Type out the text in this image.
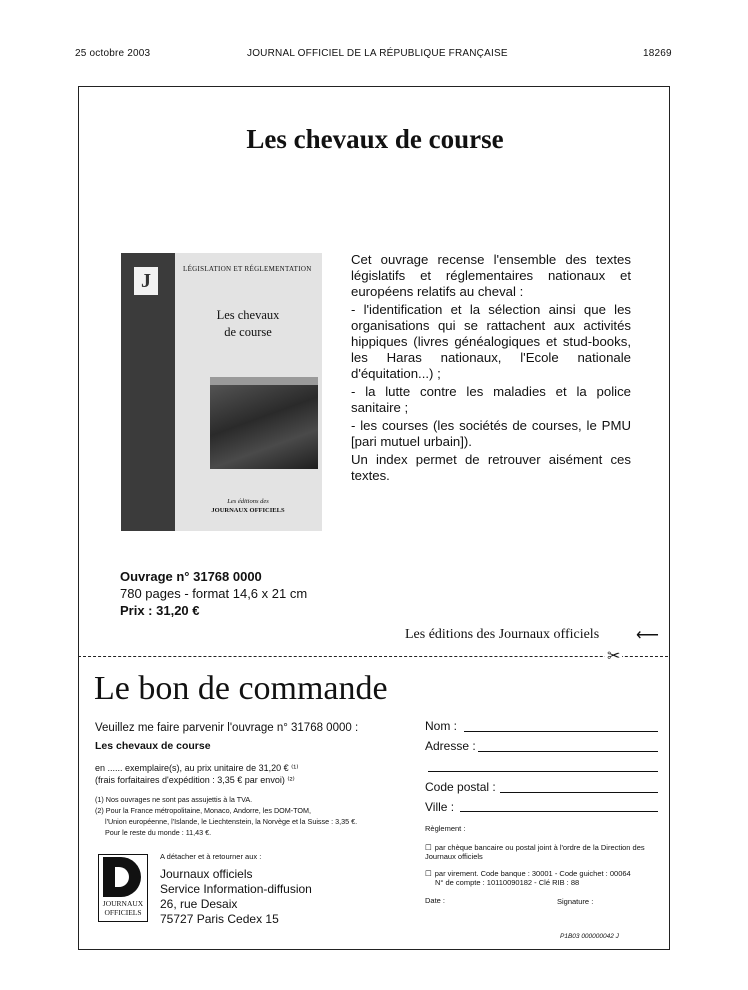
25 octobre 2003	JOURNAL OFFICIEL DE LA RÉPUBLIQUE FRANÇAISE	18269
Les chevaux de course
J
LÉGISLATION ET RÉGLEMENTATION
Les chevaux
de course
Les éditions des
JOURNAUX OFFICIELS

Cet ouvrage recense l'ensemble des textes législatifs et réglementaires nationaux et européens relatifs au cheval :

- l'identification et la sélection ainsi que les organisations qui se rattachent aux activités hippiques (livres généalogiques et stud-books, les Haras nationaux, l'Ecole nationale d'équitation...) ;

- la lutte contre les maladies et la police sanitaire ;

- les courses (les sociétés de courses, le PMU [pari mutuel urbain]).

Un index permet de retrouver aisément ces textes.

Ouvrage n° 31768 0000
780 pages - format 14,6 x 21 cm
Prix : 31,20 €
Les éditions des Journaux officiels ⟵
✂
Le bon de commande
Veuillez me faire parvenir l'ouvrage n° 31768 0000 :
Les chevaux de course
en ...... exemplaire(s), au prix unitaire de 31,20 € ⁽¹⁾
(frais forfaitaires d'expédition : 3,35 € par envoi) ⁽²⁾
(1) Nos ouvrages ne sont pas assujettis à la TVA.
(2) Pour la France métropolitaine, Monaco, Andorre, les DOM-TOM,
l'Union européenne, l'Islande, le Liechtenstein, la Norvège et la Suisse : 3,35 €.
Pour le reste du monde : 11,43 €.
JOURNAUX
OFFICIELS
A détacher et à retourner aux :
Journaux officiels
Service Information-diffusion
26, rue Desaix
75727 Paris Cedex 15
Nom :
Adresse :
Code postal :
Ville :
Règlement :
☐ par chèque bancaire ou postal joint à l'ordre de la Direction des Journaux officiels
☐ par virement. Code banque : 30001 - Code guichet : 00064
N° de compte : 10110090182 - Clé RIB : 88
Date :	Signature :
P1B03 000000042 J
